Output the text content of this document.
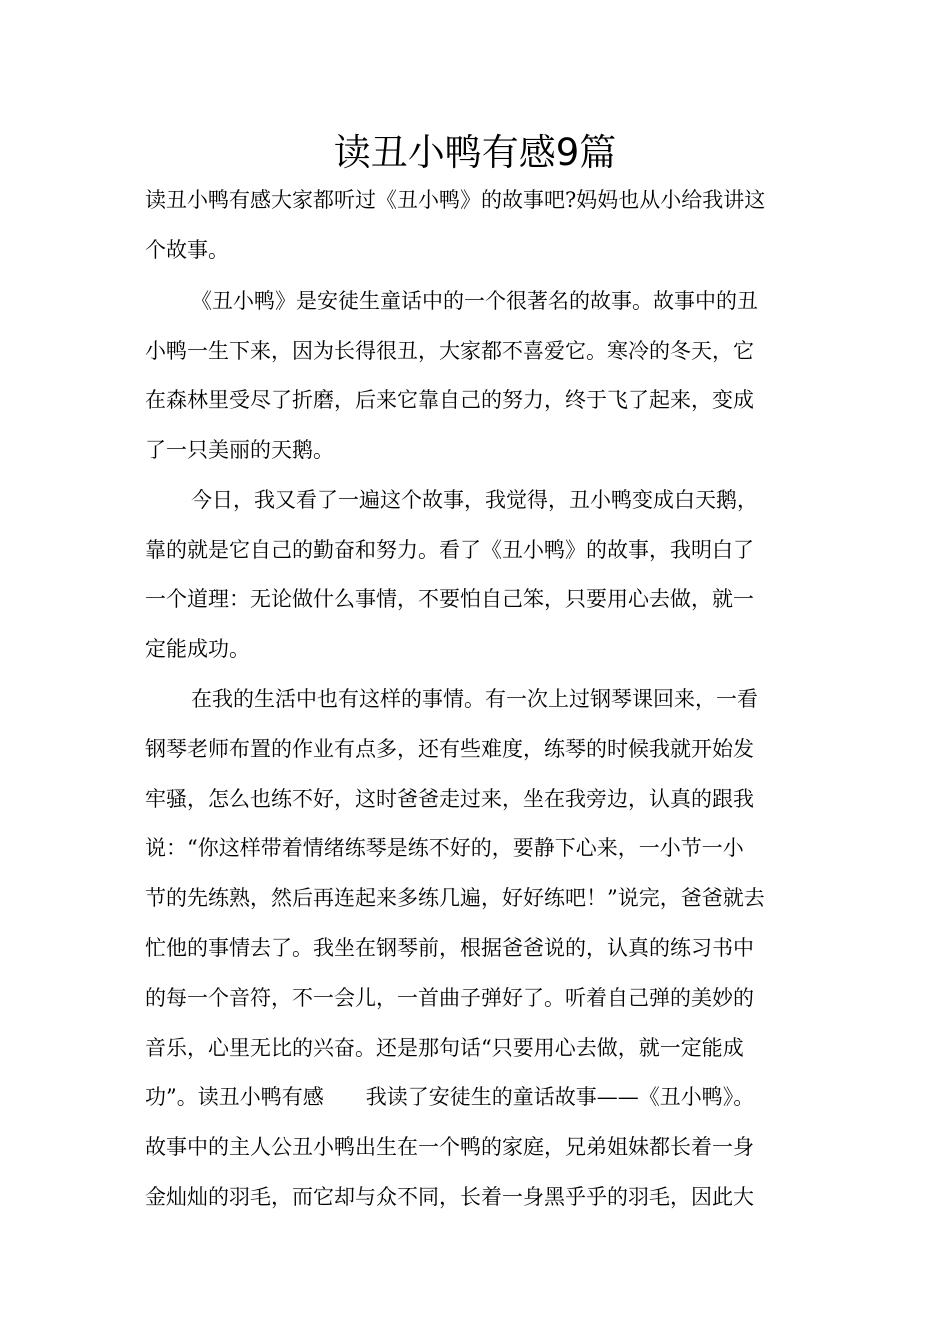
读丑小鸭有感9篇

读丑小鸭有感大家都听过《丑小鸭》的故事吧?妈妈也从小给我讲这

个故事。

《丑小鸭》是安徒生童话中的一个很著名的故事。故事中的丑

小鸭一生下来，因为长得很丑，大家都不喜爱它。寒冷的冬天，它

在森林里受尽了折磨，后来它靠自己的努力，终于飞了起来，变成

了一只美丽的天鹅。

今日，我又看了一遍这个故事，我觉得，丑小鸭变成白天鹅，

靠的就是它自己的勤奋和努力。看了《丑小鸭》的故事，我明白了

一个道理：无论做什么事情，不要怕自己笨，只要用心去做，就一

定能成功。

在我的生活中也有这样的事情。有一次上过钢琴课回来，一看

钢琴老师布置的作业有点多，还有些难度，练琴的时候我就开始发

牢骚，怎么也练不好，这时爸爸走过来，坐在我旁边，认真的跟我

说：“你这样带着情绪练琴是练不好的，要静下心来，一小节一小

节的先练熟，然后再连起来多练几遍，好好练吧！”说完，爸爸就去

忙他的事情去了。我坐在钢琴前，根据爸爸说的，认真的练习书中

的每一个音符，不一会儿，一首曲子弹好了。听着自己弹的美妙的

音乐，心里无比的兴奋。还是那句话“只要用心去做，就一定能成

功”。读丑小鸭有感　　我读了安徒生的童话故事——《丑小鸭》。

故事中的主人公丑小鸭出生在一个鸭的家庭，兄弟姐妹都长着一身

金灿灿的羽毛，而它却与众不同，长着一身黑乎乎的羽毛，因此大
